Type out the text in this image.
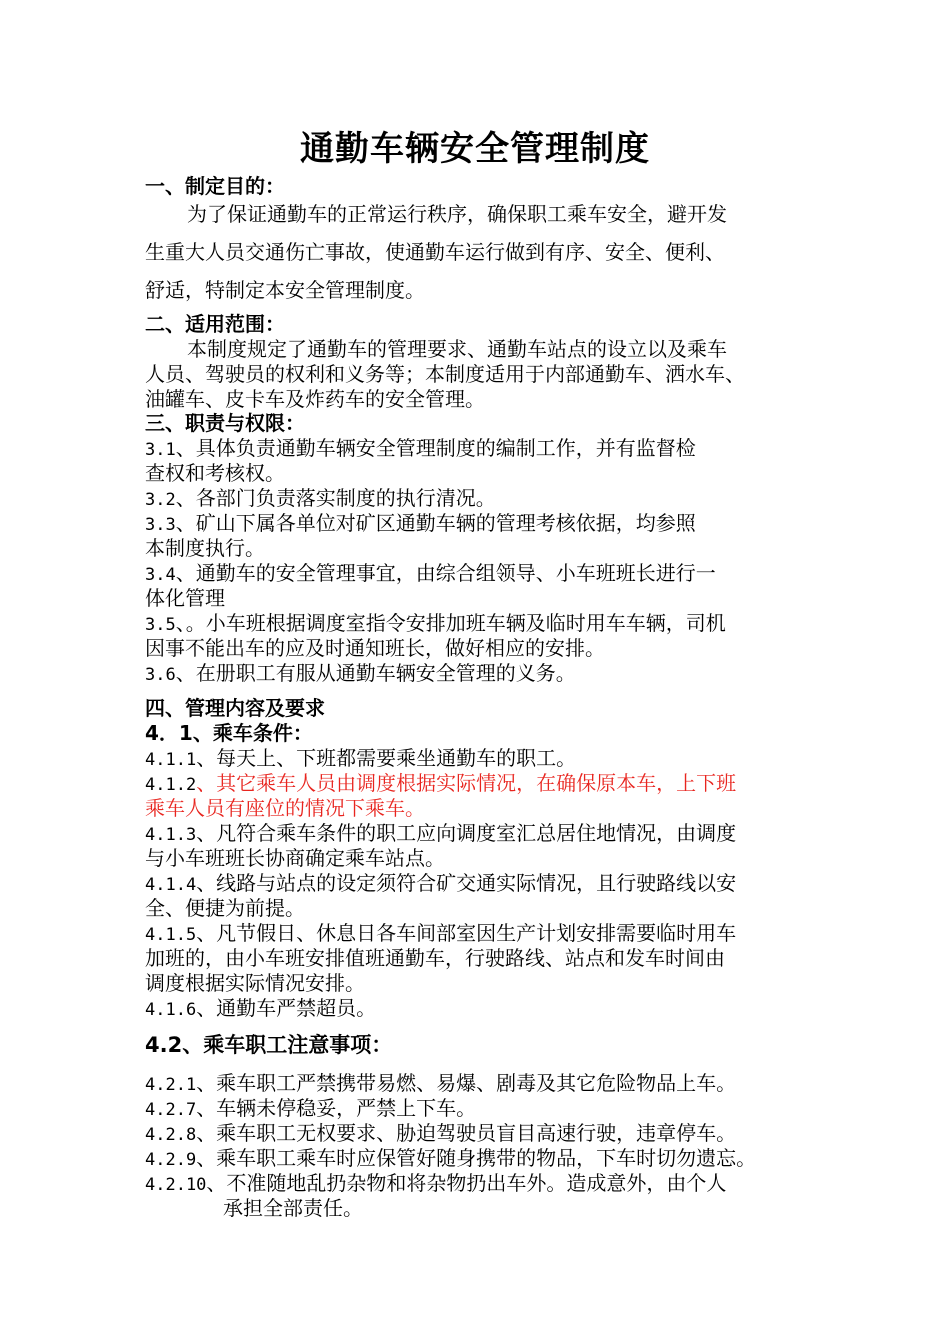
通勤车辆安全管理制度
一、制定目的：
为了保证通勤车的正常运行秩序，确保职工乘车安全，避开发
生重大人员交通伤亡事故，使通勤车运行做到有序、安全、便利、
舒适，特制定本安全管理制度。
二、适用范围：
本制度规定了通勤车的管理要求、通勤车站点的设立以及乘车
人员、驾驶员的权利和义务等；本制度适用于内部通勤车、洒水车、
油罐车、皮卡车及炸药车的安全管理。
三、职责与权限：
3.1、具体负责通勤车辆安全管理制度的编制工作，并有监督检
查权和考核权。
3.2、各部门负责落实制度的执行清况。
3.3、矿山下属各单位对矿区通勤车辆的管理考核依据，均参照
本制度执行。
3.4、通勤车的安全管理事宜，由综合组领导、小车班班长进行一
体化管理
3.5、。小车班根据调度室指令安排加班车辆及临时用车车辆，司机
因事不能出车的应及时通知班长，做好相应的安排。
3.6、在册职工有服从通勤车辆安全管理的义务。
四、管理内容及要求
4．1、乘车条件：
4.1.1、每天上、下班都需要乘坐通勤车的职工。
4.1.2、其它乘车人员由调度根据实际情况，在确保原本车，上下班
乘车人员有座位的情况下乘车。
4.1.3、凡符合乘车条件的职工应向调度室汇总居住地情况，由调度
与小车班班长协商确定乘车站点。
4.1.4、线路与站点的设定须符合矿交通实际情况，且行驶路线以安
全、便捷为前提。
4.1.5、凡节假日、休息日各车间部室因生产计划安排需要临时用车
加班的，由小车班安排值班通勤车，行驶路线、站点和发车时间由
调度根据实际情况安排。
4.1.6、通勤车严禁超员。
4.2、乘车职工注意事项：
4.2.1、乘车职工严禁携带易燃、易爆、剧毒及其它危险物品上车。
4.2.7、车辆未停稳妥，严禁上下车。
4.2.8、乘车职工无权要求、胁迫驾驶员盲目高速行驶，违章停车。
4.2.9、乘车职工乘车时应保管好随身携带的物品，下车时切勿遗忘。
4.2.10、不准随地乱扔杂物和将杂物扔出车外。造成意外，由个人
承担全部责任。
